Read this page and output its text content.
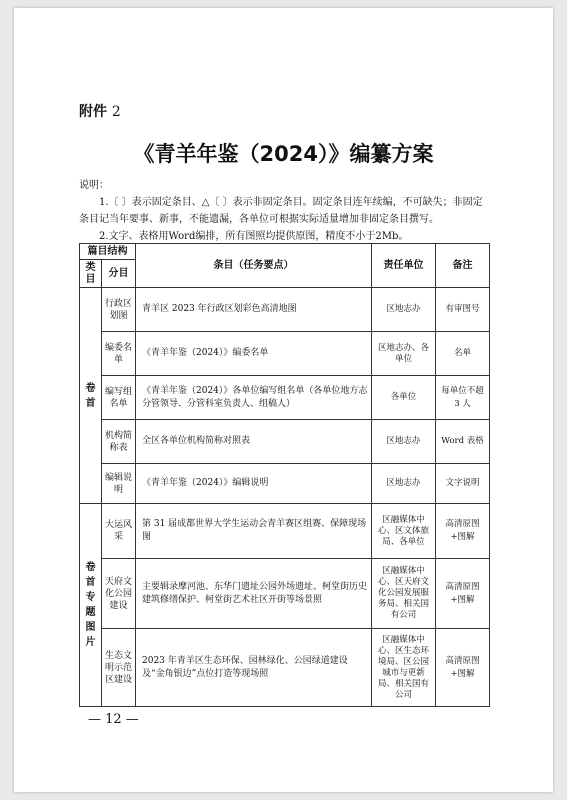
附件 2
《青羊年鉴（2024）》编纂方案
说明：
1.〔 〕表示固定条目、△〔 〕表示非固定条目。固定条目连年续编，不可缺失；非固定条目记当年要事、新事，不能遗漏，各单位可根据实际适量增加非固定条目撰写。
2.文字、表格用Word编排，所有图照均提供原图，精度不小于2Mb。
篇目结构		条目（任务要点）	责任单位	备注
类目	分目			
卷首	行政区划图	青羊区 2023 年行政区划彩色高清地图	区地志办	有审图号
	编委名单	《青羊年鉴（2024）》编委名单	区地志办、各单位	名单
	编写组名单	《青羊年鉴（2024）》各单位编写组名单（各单位地方志分管领导、分管科室负责人、组稿人）	各单位	每单位不超 3 人
	机构简称表	全区各单位机构简称对照表	区地志办	Word 表格
	编辑说明	《青羊年鉴（2024）》编辑说明	区地志办	文字说明
卷首专题图片	大运风采	第 31 届成都世界大学生运动会青羊赛区组赛、保障现场图	区融媒体中心、区文体旅局、各单位	高清原图+图解
	天府文化公园建设	主要辑录摩河池、东华门遗址公园外场遗址、柯堂街历史建筑修缮保护、柯堂街艺术社区开街等场景照	区融媒体中心、区天府文化公园发展服务局、相关国有公司	高清原图+图解
	生态文明示范区建设	2023 年青羊区生态环保、园林绿化、公园绿道建设及“金角银边”点位打造等现场照	区融媒体中心、区生态环境局、区公园城市与更新局、相关国有公司	高清原图+图解
— 12 —
